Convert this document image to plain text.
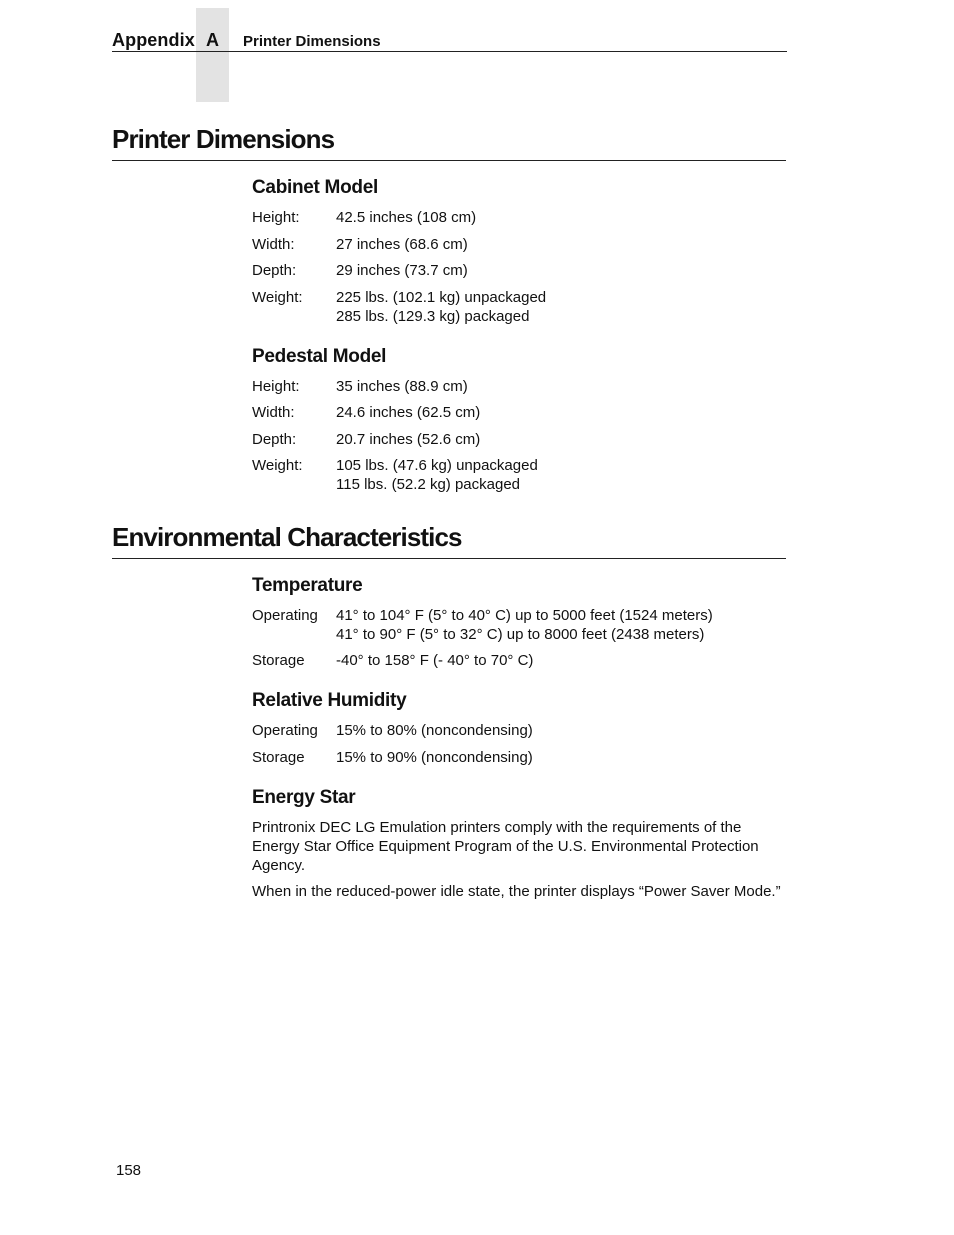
Appendix A Printer Dimensions
Printer Dimensions
Cabinet Model
Height: 42.5 inches (108 cm)
Width:	27 inches (68.6 cm)
Depth:	29 inches (73.7 cm)
Weight: 225 lbs. (102.1 kg) unpackaged
285 lbs. (129.3 kg) packaged
Pedestal Model
Height: 35 inches (88.9 cm)
Width:	24.6 inches (62.5 cm)
Depth:	20.7 inches (52.6 cm)
Weight: 105 lbs. (47.6 kg) unpackaged
115 lbs. (52.2 kg) packaged
Environmental Characteristics
Temperature
Operating 41° to 104° F (5° to 40° C) up to 5000 feet (1524 meters)
41° to 90° F (5° to 32° C) up to 8000 feet (2438 meters)
Storage -40° to 158° F (- 40° to 70° C)
Relative Humidity
Operating 15% to 80% (noncondensing)
Storage 15% to 90% (noncondensing)
Energy Star

Printronix DEC LG Emulation printers comply with the requirements of the Energy Star Office Equipment Program of the U.S. Environmental Protection Agency.

When in the reduced-power idle state, the printer displays “Power Saver Mode.”

158
